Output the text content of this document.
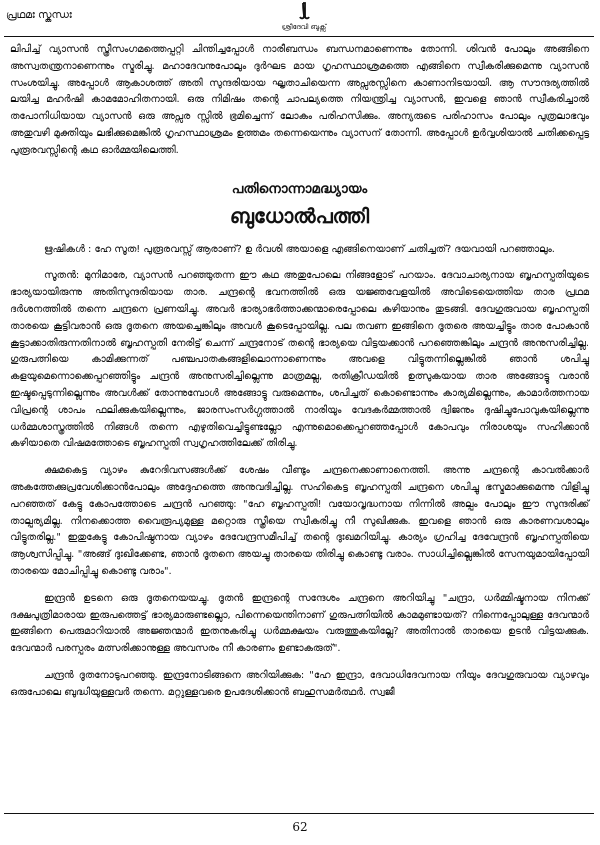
പ്രഥമഃ സ്കന്ധഃ
ശ്രീദേവി ബുക്സ്

ലിപിച്ച് വ്യാസൻ സ്ത്രീസംഗമത്തെപ്പറ്റി ചിന്തിച്ചപ്പോൾ നാരീബന്ധം ബന്ധനമാണെന്നും തോന്നി. ശിവൻ പോലും അങ്ങിനെ അസ്വതന്ത്രനാണെന്നും സ്മരിച്ചു. മഹാദേവനുപോലും ദുർഘട മായ ഗൃഹസ്ഥാശ്രമത്തെ എങ്ങിനെ സ്വീകരിക്കുമെന്നു വ്യാസൻ സംശയിച്ചു. അപ്പോൾ ആകാശത്ത് അതി സുന്ദരിയായ ഘൃതാചിയെന്ന അപ്സരസ്സിനെ കാണാനിടയായി. ആ സൗന്ദര്യത്തിൽ ലയിച്ച മഹർഷി കാമമോഹിതനായി. ഒരു നിമിഷം തന്റെ ചാപല്യത്തെ നിയന്ത്രിച്ച വ്യാസൻ, ഇവളെ ഞാൻ സ്വീകരിച്ചാൽ തപോനിധിയായ വ്യാസൻ ഒരു അപ്സര സ്സിൽ ഭ്രമിച്ചെന്ന് ലോകം പരിഹസിക്കും. അന്യരുടെ പരിഹാസം പോലും പുത്രലാഭവും അതുവഴി മുക്തിയും ലഭിക്കുമെങ്കിൽ ഗൃഹസ്ഥാശ്രമം ഉത്തമം തന്നെയെന്നും വ്യാസന് തോന്നി. അപ്പോൾ ഉർവ്വശിയാൽ ചതിക്കപ്പെട്ട പുരൂരവസ്സിന്റെ കഥ ഓർമ്മയിലെത്തി.

പതിനൊന്നാമദ്ധ്യായം
ബുധോൽപത്തി

ഋഷികൾ : ഹേ സൂത! പുരൂരവസ്സ് ആരാണ്? ഉ ർവശി അയാളെ എങ്ങിനെയാണ് ചതിച്ചത്? ദയവായി പറഞ്ഞാലും.

സൂതൻ: മുനിമാരേ, വ്യാസൻ പറഞ്ഞുതന്ന ഈ കഥ അതുപോലെ നിങ്ങളോട് പറയാം. ദേവാചാര്യനായ ബൃഹസ്പതിയുടെ ഭാര്യയായിരുന്നു അതിസുന്ദരിയായ താര. ചന്ദ്രന്റെ ഭവനത്തിൽ ഒരു യജ്ഞവേളയിൽ അവിടെയെത്തിയ താര പ്രഥമ ദർശനത്തിൽ തന്നെ ചന്ദ്രനെ പ്രണയിച്ചു. അവർ ഭാര്യാഭർത്താക്കന്മാരെപ്പോലെ കഴിയാനും തുടങ്ങി. ദേവഗുരുവായ ബൃഹസ്പതി താരയെ കൂട്ടിവരാൻ ഒരു ദൂതനെ അയച്ചെങ്കിലും അവൾ കൂടെപ്പോയില്ല. പല തവണ ഇങ്ങിനെ ദൂതരെ അയച്ചിട്ടും താര പോകാൻ കൂട്ടാക്കാതിരുന്നതിനാൽ ബൃഹസ്പതി നേരിട്ട് ചെന്ന് ചന്ദ്രനോട് തന്റെ ഭാര്യയെ വിട്ടയക്കാൻ പറഞ്ഞെങ്കിലും ചന്ദ്രൻ അനുസരിച്ചില്ല. ഗുരുപത്നിയെ കാമിക്കുന്നത് പഞ്ചപാതകങ്ങളിലൊന്നാണെന്നും അവളെ വിട്ടുതന്നില്ലെങ്കിൽ ഞാൻ ശപിച്ചു കളയുമെന്നൊക്കെപ്പറഞ്ഞിട്ടും ചന്ദ്രൻ അനുസരിച്ചില്ലെന്നു മാത്രമല്ല, രതിക്രീഡയിൽ ഉത്സുകയായ താര അങ്ങോട്ടു വരാൻ ഇഷ്ടപ്പെടുന്നില്ലെന്നും അവൾക്ക് തോന്നുമ്പോൾ അങ്ങോട്ടു വരുമെന്നും, ശപിച്ചത് കൊണ്ടൊന്നും കാര്യമില്ലെന്നും, കാമാർത്തനായ വിപ്രന്റെ ശാപം ഫലിക്കുകയില്ലെന്നും, ജാരസംസർഗ്ഗത്താൽ നാരിയും വേദകർമ്മത്താൽ ദ്വിജനും ദുഷിച്ചുപോവുകയില്ലെന്നു ധർമ്മശാസ്ത്രത്തിൽ നിങ്ങൾ തന്നെ എഴുതിവെച്ചിട്ടുണ്ടല്ലോ എന്നുമൊക്കെപ്പറഞ്ഞപ്പോൾ കോപവും നിരാശയും സഹിക്കാൻ കഴിയാതെ വിഷമത്തോടെ ബൃഹസ്പതി സ്വഗൃഹത്തിലേക്ക് തിരിച്ചു.

ക്ഷമകെട്ട വ്യാഴം കുറേദിവസങ്ങൾക്ക് ശേഷം വീണ്ടും ചന്ദ്രനെക്കാണാനെത്തി. അന്നു ചന്ദ്രന്റെ കാവൽക്കാർ അകത്തേക്കുപ്രവേശിക്കാൻപോലും അദ്ദേഹത്തെ അനുവദിച്ചില്ല. സഹികെട്ട ബൃഹസ്പതി ചന്ദ്രനെ ശപിച്ചു ഭസ്മമാക്കുമെന്നു വിളിച്ചു പറഞ്ഞത് കേട്ടു കോപത്തോടെ ചന്ദ്രൻ പറഞ്ഞു: "ഹേ ബൃഹസ്പതി! വയോവൃദ്ധനായ നിന്നിൽ അല്പം പോലും ഈ സുന്ദരിക്ക് താല്പര്യമില്ല. നിനക്കൊത്ത വൈരൂപ്യമുള്ള മറ്റൊരു സ്ത്രീയെ സ്വീകരിച്ചു നീ സുഖിക്കുക. ഇവളെ ഞാൻ ഒരു കാരണവശാലും വിട്ടുതരില്ല." ഇതുകേട്ടു കോപിഷ്ഠനായ വ്യാഴം ദേവേന്ദ്രസമീപിച്ച് തന്റെ ദുഃഖമറിയിച്ചു. കാര്യം ഗ്രഹിച്ച ദേവേന്ദ്രൻ ബൃഹസ്പതിയെ ആശ്വസിപ്പിച്ചു. "അങ്ങ് ദുഃഖിക്കേണ്ട, ഞാൻ ദൂതനെ അയച്ചു താരയെ തിരിച്ചു കൊണ്ടു വരാം. സാധിച്ചില്ലെങ്കിൽ സേനയുമായിപ്പോയി താരയെ മോചിപ്പിച്ചു കൊണ്ടു വരാം".

ഇന്ദ്രൻ ഉടനെ ഒരു ദൂതനെയയച്ചു. ദൂതൻ ഇന്ദ്രന്റെ സന്ദേശം ചന്ദ്രനെ അറിയിച്ചു "ചന്ദ്രാ, ധർമ്മിഷ്ടനായ നിനക്ക് ദക്ഷപുത്രിമാരായ ഇരുപത്തെട്ട് ഭാര്യമാരുണ്ടല്ലൊ, പിന്നെയെന്തിനാണ് ഗുരുപത്നിയിൽ കാമമുണ്ടായത്? നിന്നെപ്പോലുള്ള ദേവന്മാർ ഇങ്ങിനെ പെരുമാറിയാൽ അജ്ഞന്മാർ ഇതനുകരിച്ചു ധർമ്മക്ഷയം വരുത്തുകയില്ലേ? അതിനാൽ താരയെ ഉടൻ വിട്ടയക്കുക. ദേവന്മാർ പരസ്പരം മത്സരിക്കാനുള്ള അവസരം നീ കാരണം ഉണ്ടാകരുത്".

ചന്ദ്രൻ ദൂതനോടുപറഞ്ഞു. ഇന്ദ്രനോടിങ്ങനെ അറിയിക്കുക: "ഹേ ഇന്ദ്രാ, ദേവാധിദേവനായ നീയും ദേവഗുരുവായ വ്യാഴവും ഒരുപോലെ ബുദ്ധിയുള്ളവർ തന്നെ. മറ്റുള്ളവരെ ഉപദേശിക്കാൻ ബഹുസമർത്ഥർ. സ്വജീ

62
